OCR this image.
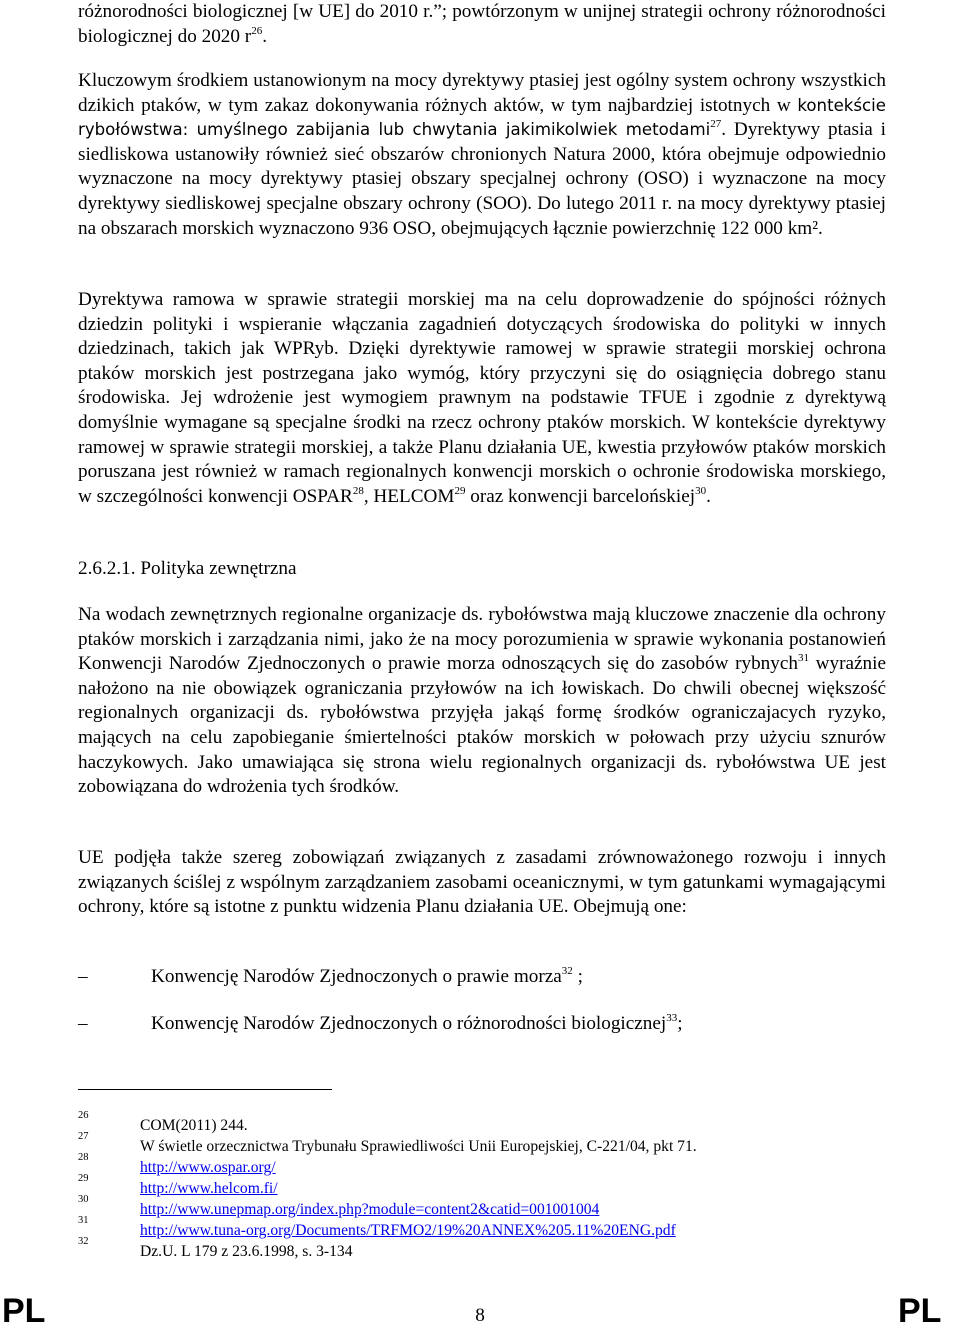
różnorodności biologicznej [w UE] do 2010 r.”; powtórzonym w unijnej strategii ochrony różnorodności biologicznej do 2020 $r^{26}$.

Kluczowym środkiem ustanowionym na mocy dyrektywy ptasiej jest ogólny system ochrony wszystkich dzikich ptaków, w tym zakaz dokonywania różnych aktów, w tym najbardziej istotnych w kontekście rybołówstwa: umyślnego zabijania lub chwytania jakimikolwiek metodami$^{27}$. Dyrektywy ptasia i siedliskowa ustanowiły również sieć obszarów chronionych Natura 2000, która obejmuje odpowiednio wyznaczone na mocy dyrektywy ptasiej obszary specjalnej ochrony (OSO) i wyznaczone na mocy dyrektywy siedliskowej specjalne obszary ochrony (SOO). Do lutego 2011 r. na mocy dyrektywy ptasiej na obszarach morskich wyznaczono 936 OSO, obejmujących łącznie powierzchnię 122 000 km².

Dyrektywa ramowa w sprawie strategii morskiej ma na celu doprowadzenie do spójności różnych dziedzin polityki i wspieranie włączania zagadnień dotyczących środowiska do polityki w innych dziedzinach, takich jak WPRyb. Dzięki dyrektywie ramowej w sprawie strategii morskiej ochrona ptaków morskich jest postrzegana jako wymóg, który przyczyni się do osiągnięcia dobrego stanu środowiska. Jej wdrożenie jest wymogiem prawnym na podstawie TFUE i zgodnie z dyrektywą domyślnie wymagane są specjalne środki na rzecz ochrony ptaków morskich. W kontekście dyrektywy ramowej w sprawie strategii morskiej, a także Planu działania UE, kwestia przyłowów ptaków morskich poruszana jest również w ramach regionalnych konwencji morskich o ochronie środowiska morskiego, w szczególności konwencji OSPAR$^{28}$, HELCOM$^{29}$ oraz konwencji barcelońskiej$^{30}$.

2.6.2.1. Polityka zewnętrzna

Na wodach zewnętrznych regionalne organizacje ds. rybołówstwa mają kluczowe znaczenie dla ochrony ptaków morskich i zarządzania nimi, jako że na mocy porozumienia w sprawie wykonania postanowień Konwencji Narodów Zjednoczonych o prawie morza odnoszących się do zasobów rybnych$^{31}$ wyraźnie nałożono na nie obowiązek ograniczania przyłowów na ich łowiskach. Do chwili obecnej większość regionalnych organizacji ds. rybołówstwa przyjęła jakąś formę środków ograniczajacych ryzyko, mających na celu zapobieganie śmiertelności ptaków morskich w połowach przy użyciu sznurów haczykowych. Jako umawiająca się strona wielu regionalnych organizacji ds. rybołówstwa UE jest zobowiązana do wdrożenia tych środków.

UE podjęła także szereg zobowiązań związanych z zasadami zrównoważonego rozwoju i innych związanych ściślej z wspólnym zarządzaniem zasobami oceanicznymi, w tym gatunkami wymagającymi ochrony, które są istotne z punktu widzenia Planu działania UE. Obejmują one:

–	Konwencję Narodów Zjednoczonych o prawie morza$^{32}$ ;
–	Konwencję Narodów Zjednoczonych o różnorodności biologicznej$^{33}$;
26
COM(2011) 244.
27
W świetle orzecznictwa Trybunału Sprawiedliwości Unii Europejskiej, C-221/04, pkt 71.
28
http://www.ospar.org/
29
http://www.helcom.fi/
30
http://www.unepmap.org/index.php?module=content2&catid=001001004
31
http://www.tuna-org.org/Documents/TRFMO2/19%20ANNEX%205.11%20ENG.pdf
32
Dz.U. L 179 z 23.6.1998, s. 3-134
PL	8	PL
